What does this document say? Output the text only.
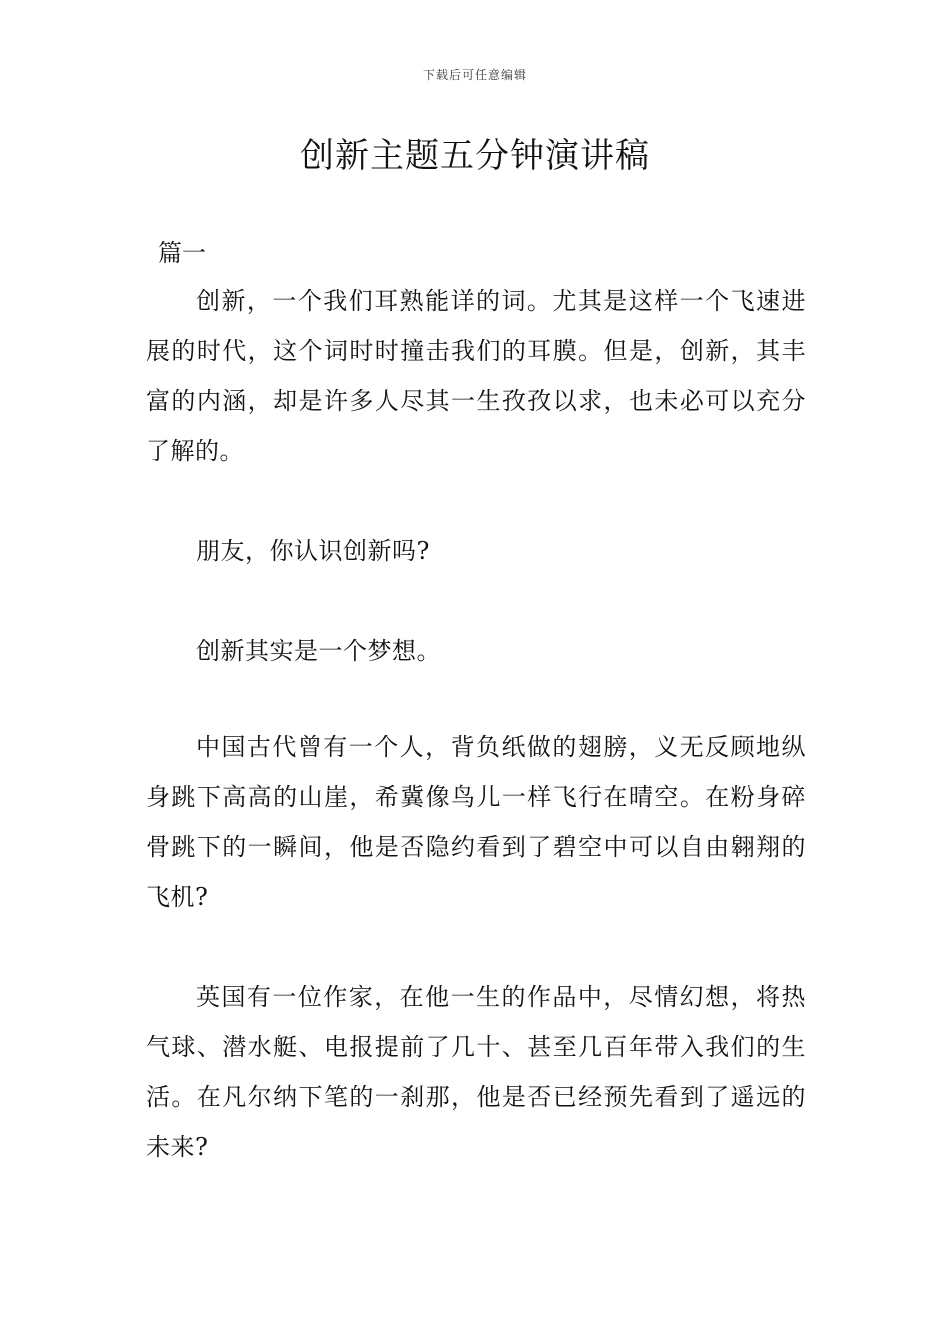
下载后可任意编辑
创新主题五分钟演讲稿
篇一

创新，一个我们耳熟能详的词。尤其是这样一个飞速进展的时代，这个词时时撞击我们的耳膜。但是，创新，其丰富的内涵，却是许多人尽其一生孜孜以求，也未必可以充分了解的。

朋友，你认识创新吗?

创新其实是一个梦想。

中国古代曾有一个人，背负纸做的翅膀，义无反顾地纵身跳下高高的山崖，希冀像鸟儿一样飞行在晴空。在粉身碎骨跳下的一瞬间，他是否隐约看到了碧空中可以自由翱翔的飞机?

英国有一位作家，在他一生的作品中，尽情幻想，将热气球、潜水艇、电报提前了几十、甚至几百年带入我们的生活。在凡尔纳下笔的一刹那，他是否已经预先看到了遥远的未来?
